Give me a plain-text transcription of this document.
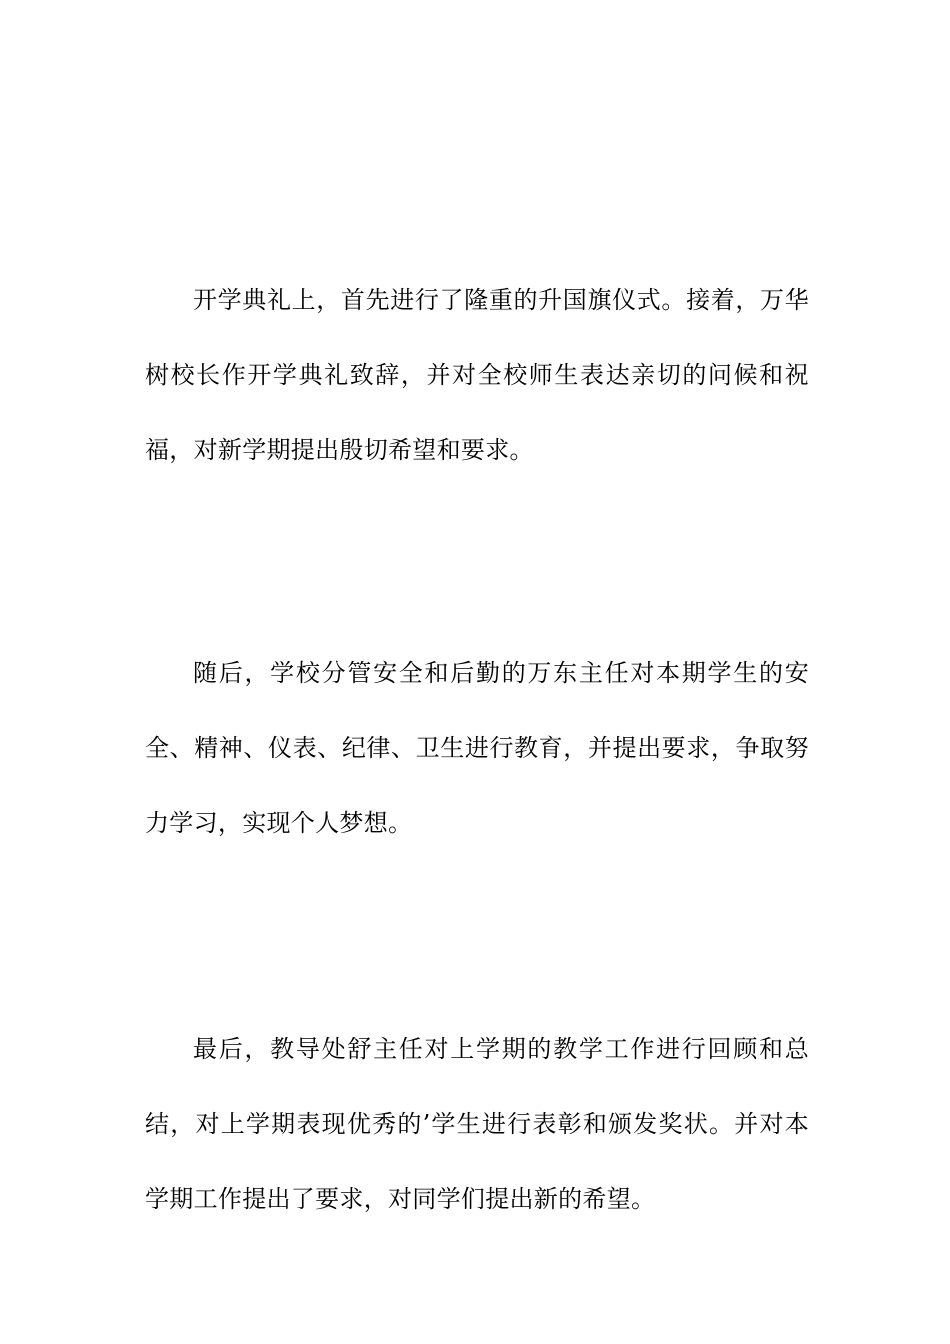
开学典礼上，首先进行了隆重的升国旗仪式。接着，万华树校长作开学典礼致辞，并对全校师生表达亲切的问候和祝福，对新学期提出殷切希望和要求。

随后，学校分管安全和后勤的万东主任对本期学生的安全、精神、仪表、纪律、卫生进行教育，并提出要求，争取努力学习，实现个人梦想。

最后，教导处舒主任对上学期的教学工作进行回顾和总结，对上学期表现优秀的’学生进行表彰和颁发奖状。并对本学期工作提出了要求，对同学们提出新的希望。
